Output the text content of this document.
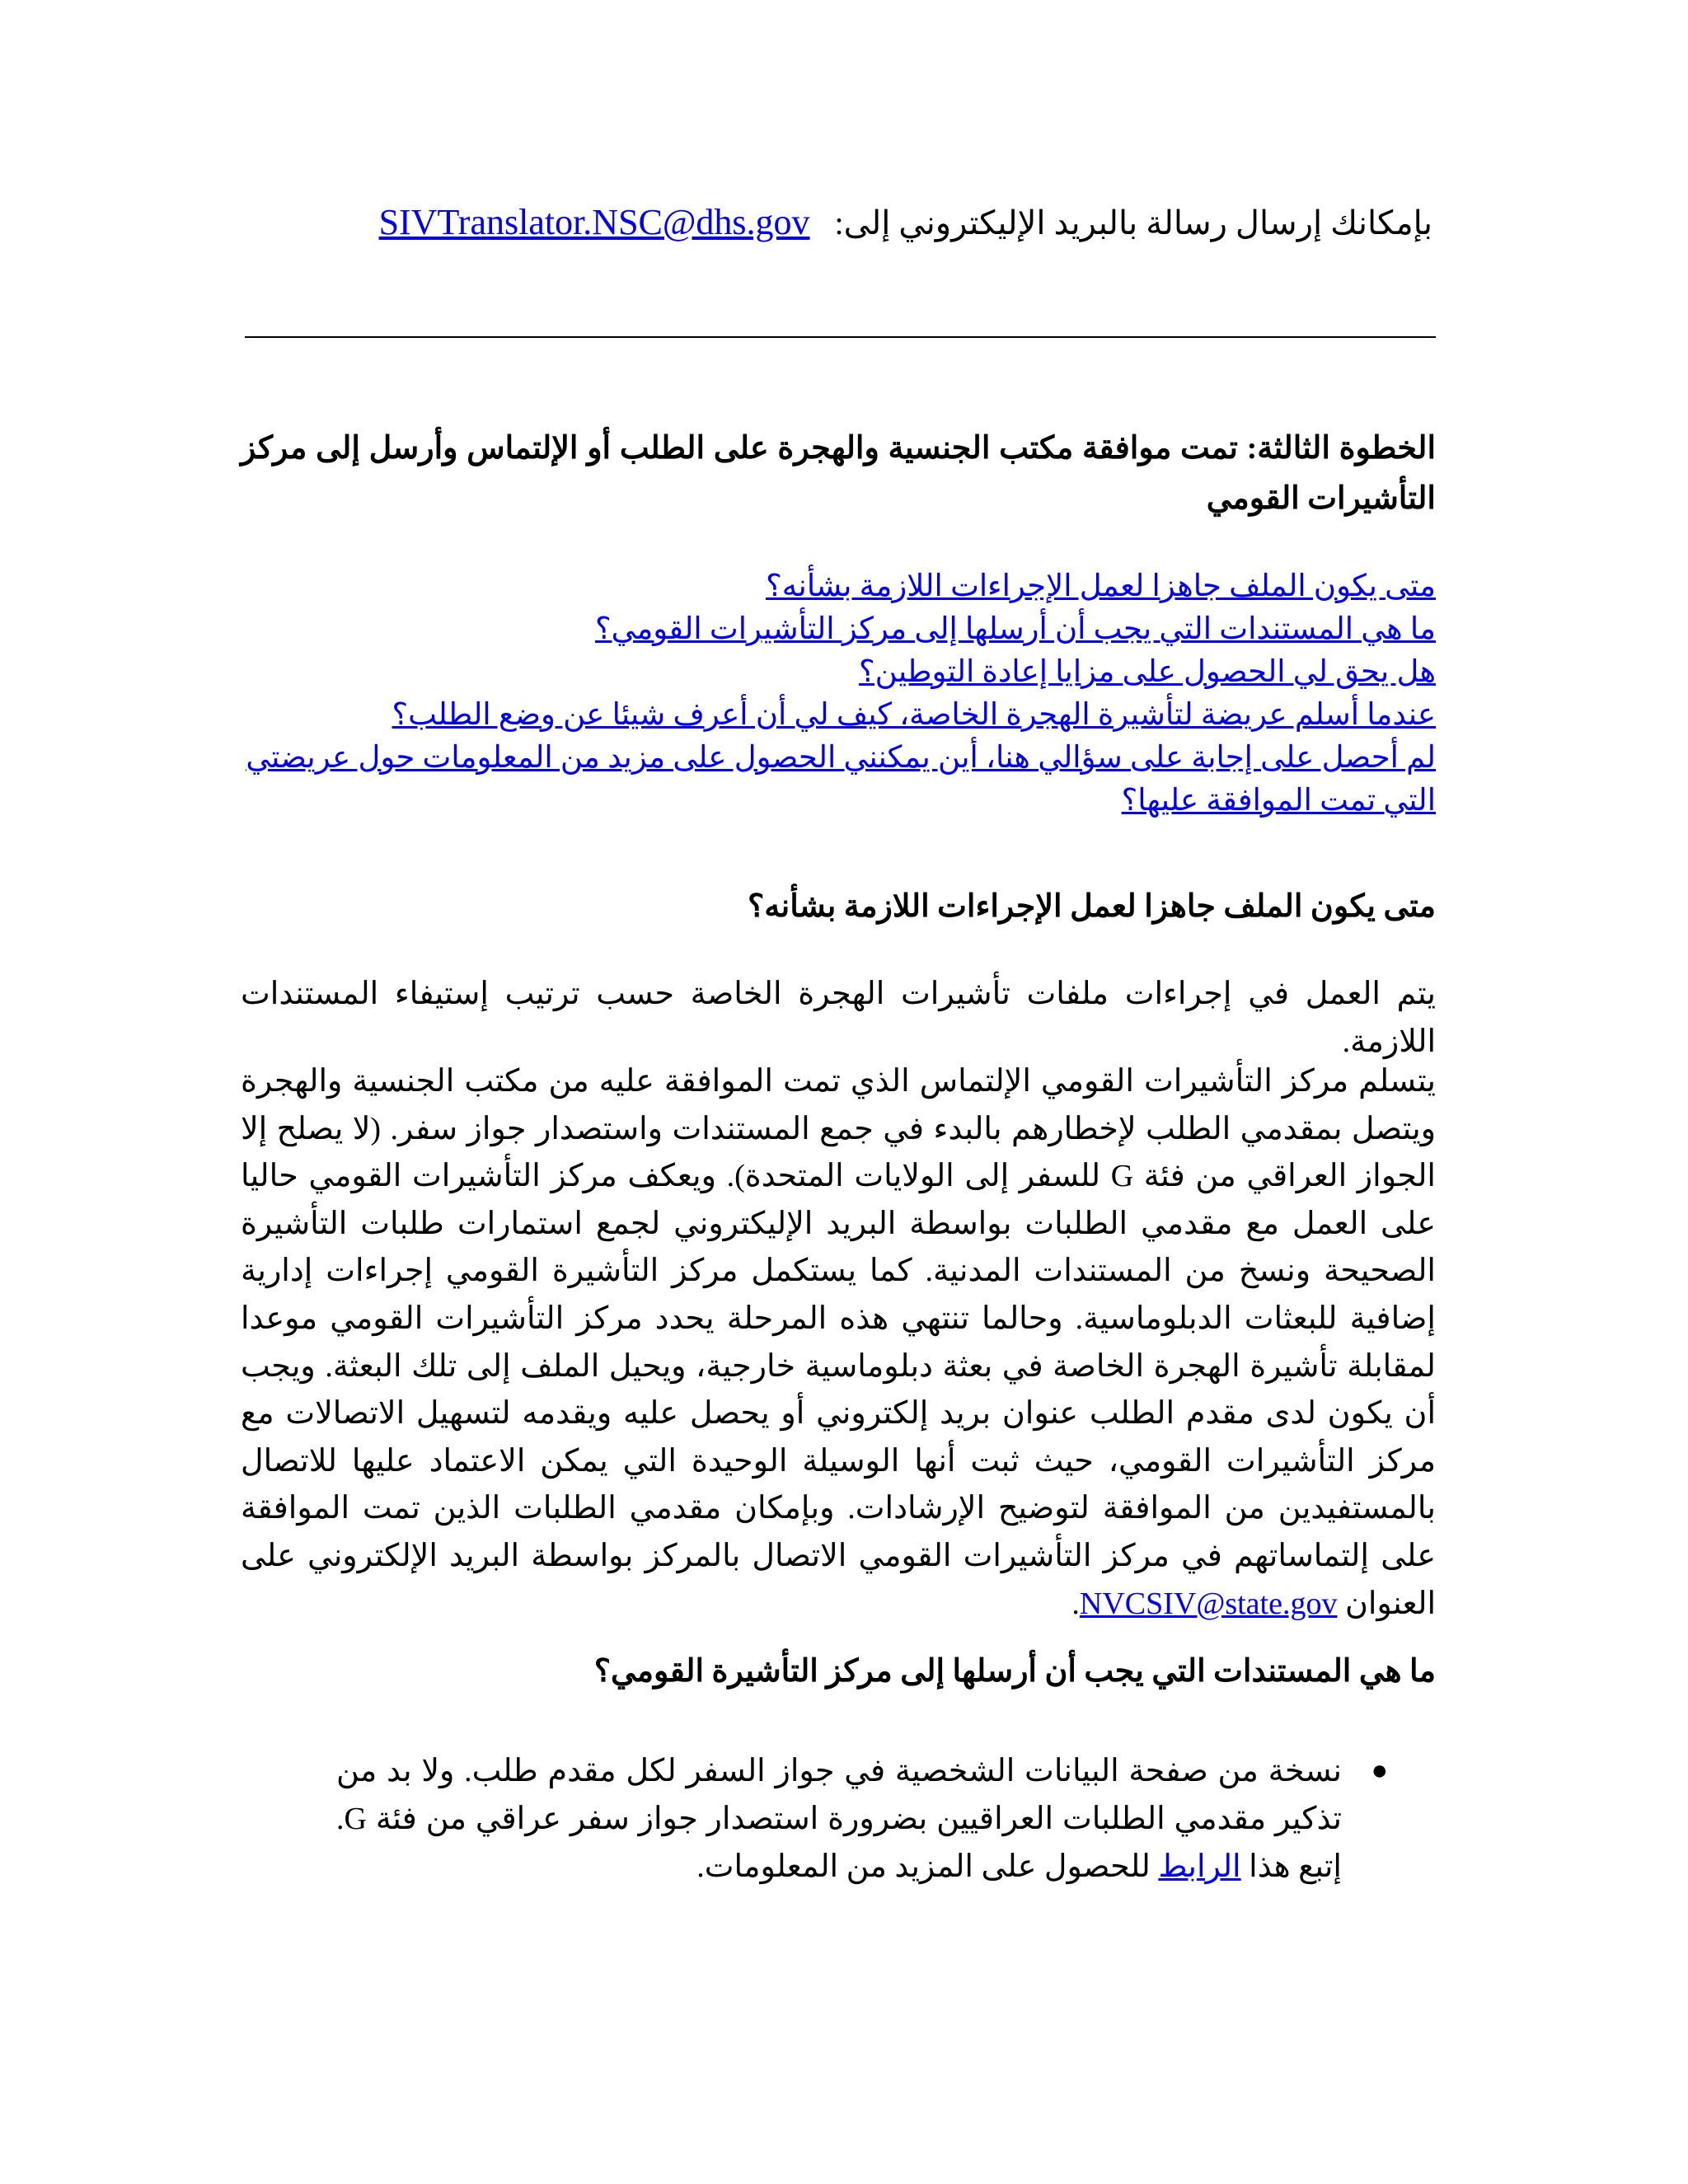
بإمكانك إرسال رسالة بالبريد الإليكتروني إلى:   SIVTranslator.NSC@dhs.gov
الخطوة الثالثة: تمت موافقة مكتب الجنسية والهجرة على الطلب أو الإلتماس وأرسل إلى مركز التأشيرات القومي
متى يكون الملف جاهزا لعمل الإجراءات اللازمة بشأنه؟
ما هي المستندات التي يجب أن أرسلها إلى مركز التأشيرات القومي؟
هل يحق لي الحصول على مزايا إعادة التوطين؟
عندما أسلم عريضة لتأشيرة الهجرة الخاصة، كيف لي أن أعرف شيئا عن وضع الطلب؟
لم أحصل على إجابة على سؤالي هنا، أين يمكنني الحصول على مزيد من المعلومات حول عريضتي التي تمت الموافقة عليها؟
متى يكون الملف جاهزا لعمل الإجراءات اللازمة بشأنه؟

يتم العمل في إجراءات ملفات تأشيرات الهجرة الخاصة حسب ترتيب إستيفاء المستندات اللازمة.

يتسلم مركز التأشيرات القومي الإلتماس الذي تمت الموافقة عليه من مكتب الجنسية والهجرة ويتصل بمقدمي الطلب لإخطارهم بالبدء في جمع المستندات واستصدار جواز سفر. (لا يصلح إلا الجواز العراقي من فئة G للسفر إلى الولايات المتحدة). ويعكف مركز التأشيرات القومي حاليا على العمل مع مقدمي الطلبات بواسطة البريد الإليكتروني لجمع استمارات طلبات التأشيرة الصحيحة ونسخ من المستندات المدنية. كما يستكمل مركز التأشيرة القومي إجراءات إدارية إضافية للبعثات الدبلوماسية. وحالما تنتهي هذه المرحلة يحدد مركز التأشيرات القومي موعدا لمقابلة تأشيرة الهجرة الخاصة في بعثة دبلوماسية خارجية، ويحيل الملف إلى تلك البعثة. ويجب أن يكون لدى مقدم الطلب عنوان بريد إلكتروني أو يحصل عليه ويقدمه لتسهيل الاتصالات مع مركز التأشيرات القومي، حيث ثبت أنها الوسيلة الوحيدة التي يمكن الاعتماد عليها للاتصال بالمستفيدين من الموافقة لتوضيح الإرشادات. وبإمكان مقدمي الطلبات الذين تمت الموافقة على إلتماساتهم في مركز التأشيرات القومي الاتصال بالمركز بواسطة البريد الإلكتروني على العنوان NVCSIV@state.gov.

ما هي المستندات التي يجب أن أرسلها إلى مركز التأشيرة القومي؟
●
نسخة من صفحة البيانات الشخصية في جواز السفر لكل مقدم طلب. ولا بد من تذكير مقدمي الطلبات العراقيين بضرورة استصدار جواز سفر عراقي من فئة G. إتبع هذا الرابط للحصول على المزيد من المعلومات.
